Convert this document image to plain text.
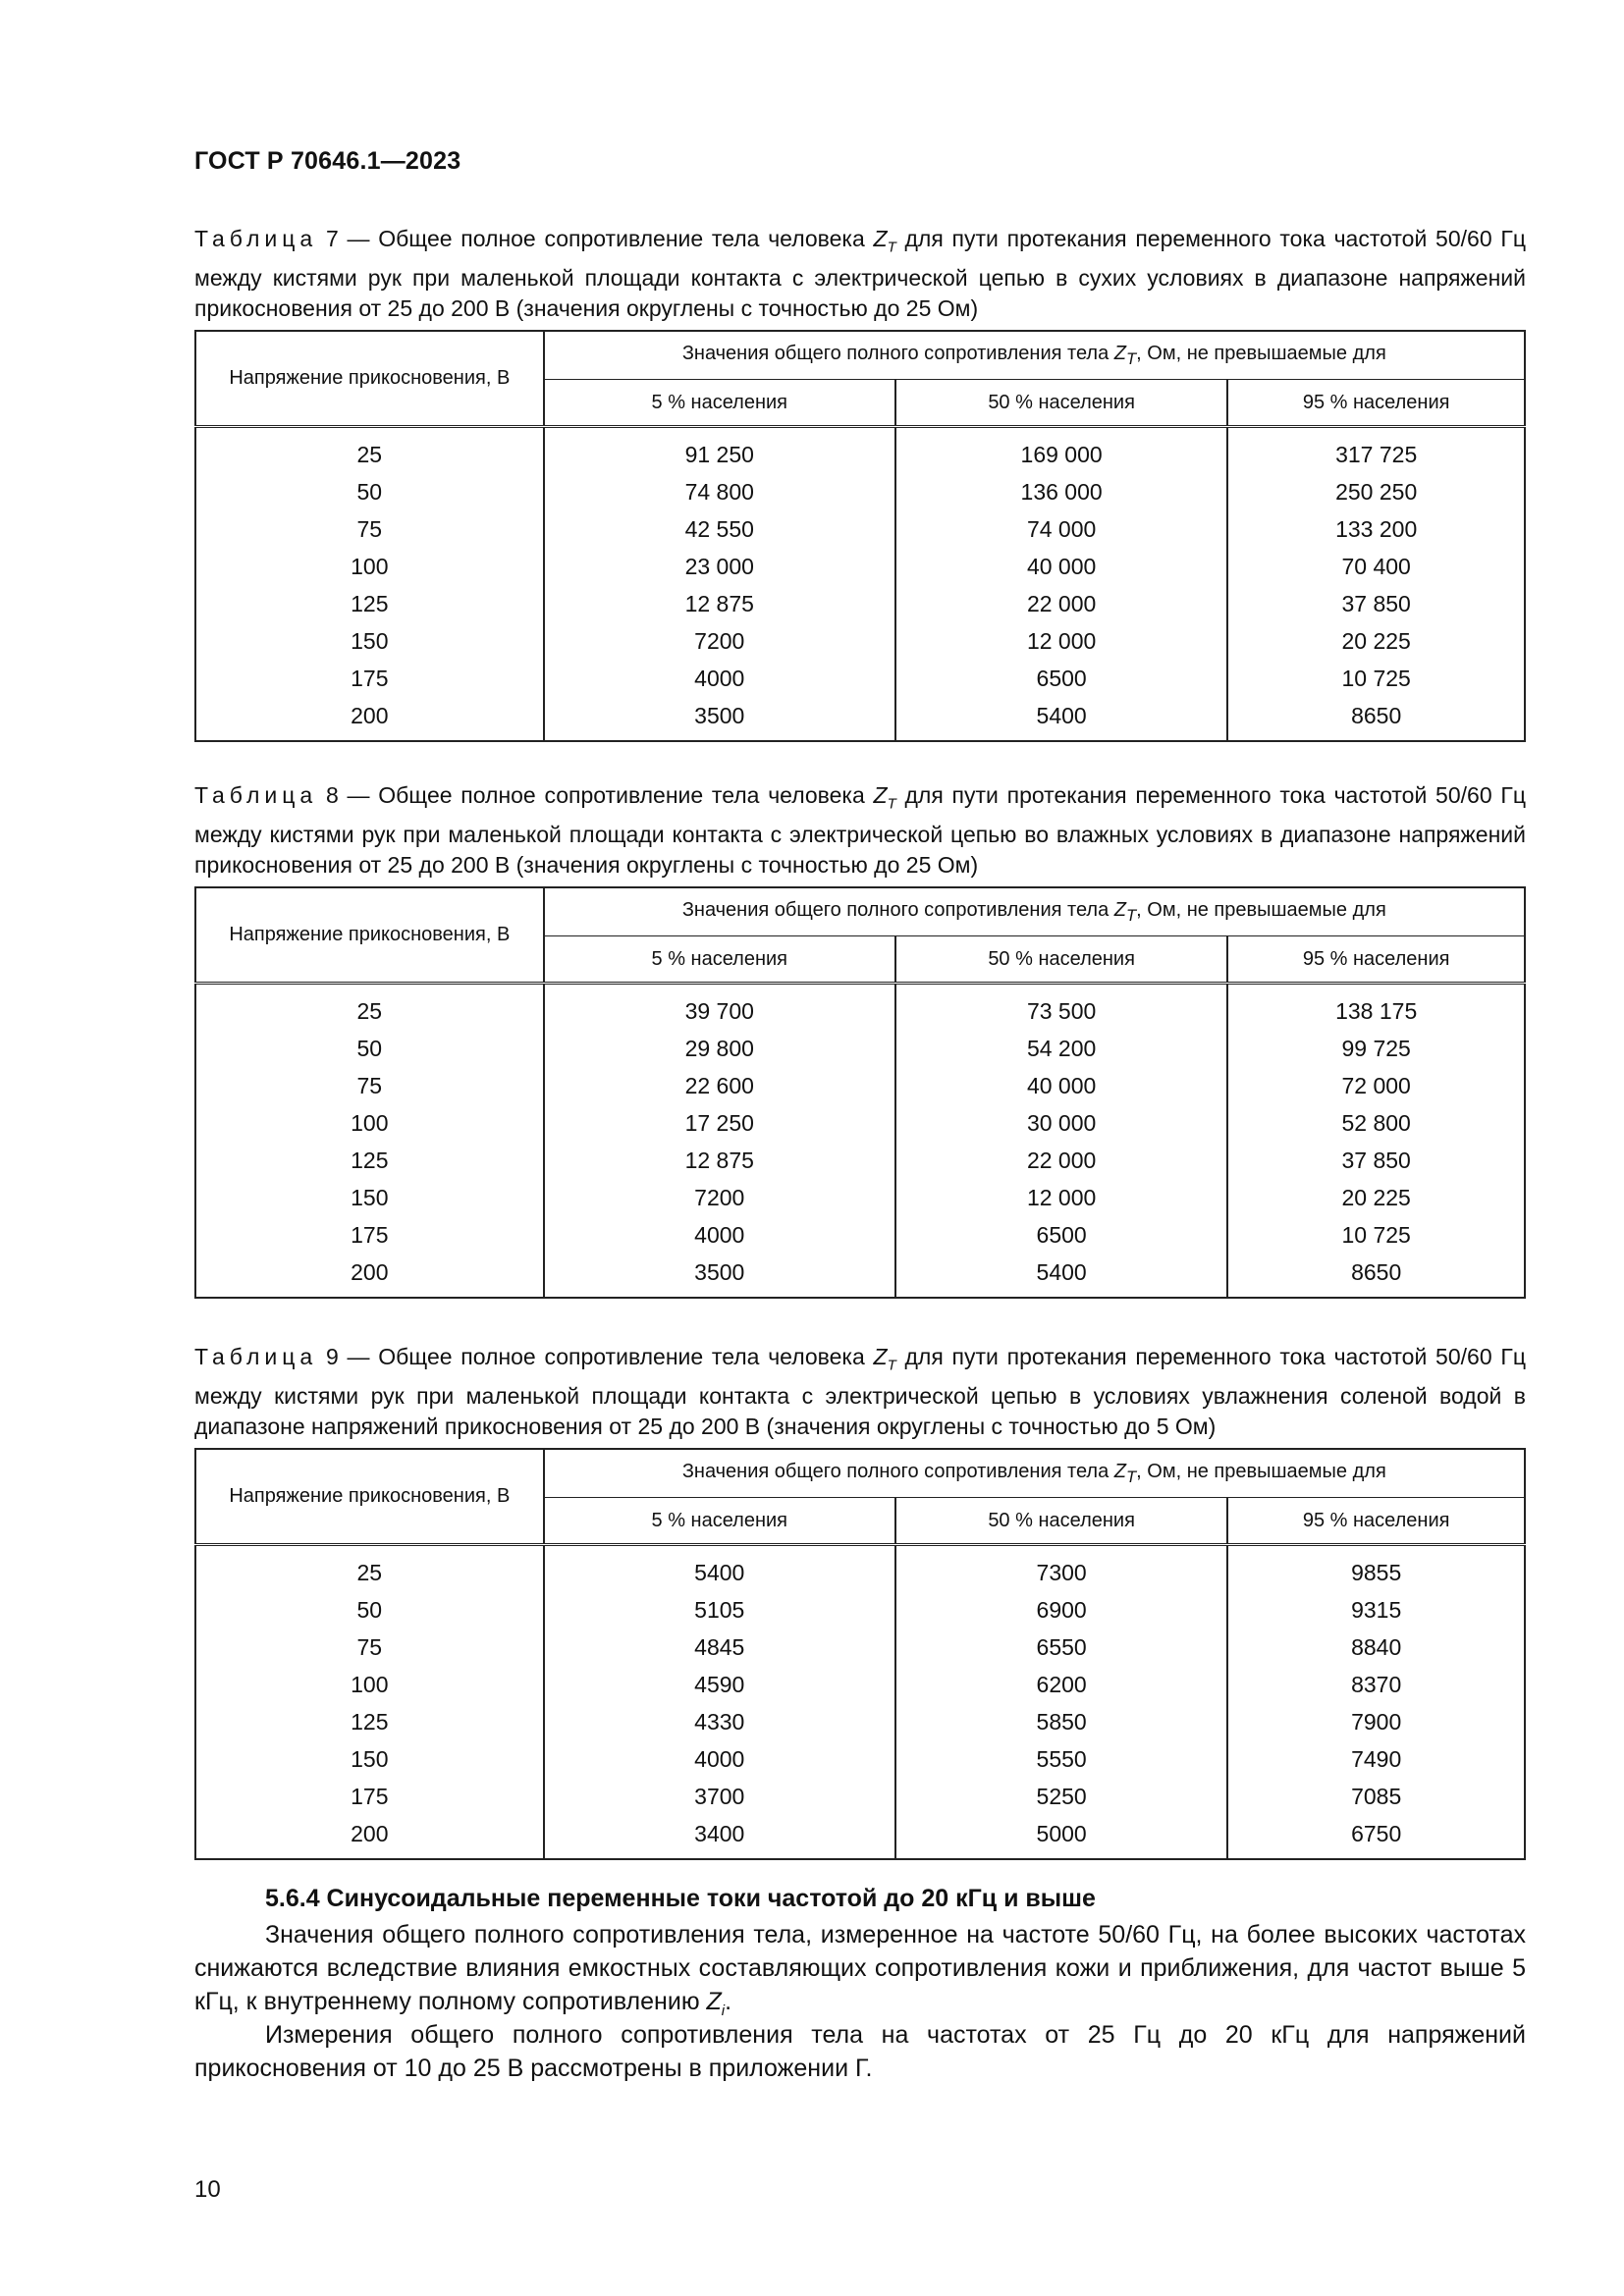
ГОСТ Р 70646.1—2023
Таблица 7 — Общее полное сопротивление тела человека $Z_T$ для пути протекания переменного тока частотой 50/60 Гц между кистями рук при маленькой площади контакта с электрической цепью в сухих условиях в диапазоне напряжений прикосновения от 25 до 200 В (значения округлены с точностью до 25 Ом)
Напряжение прикосновения, В	Значения общего полного сопротивления тела $Z_T$, Ом, не превышаемые для		
	5 % населения	50 % населения	95 % населения
25	91 250	169 000	317 725
50	74 800	136 000	250 250
75	42 550	74 000	133 200
100	23 000	40 000	70 400
125	12 875	22 000	37 850
150	7200	12 000	20 225
175	4000	6500	10 725
200	3500	5400	8650
Таблица 8 — Общее полное сопротивление тела человека $Z_T$ для пути протекания переменного тока частотой 50/60 Гц между кистями рук при маленькой площади контакта с электрической цепью во влажных условиях в диапазоне напряжений прикосновения от 25 до 200 В (значения округлены с точностью до 25 Ом)
Напряжение прикосновения, В	Значения общего полного сопротивления тела $Z_T$, Ом, не превышаемые для		
	5 % населения	50 % населения	95 % населения
25	39 700	73 500	138 175
50	29 800	54 200	99 725
75	22 600	40 000	72 000
100	17 250	30 000	52 800
125	12 875	22 000	37 850
150	7200	12 000	20 225
175	4000	6500	10 725
200	3500	5400	8650
Таблица 9 — Общее полное сопротивление тела человека $Z_T$ для пути протекания переменного тока частотой 50/60 Гц между кистями рук при маленькой площади контакта с электрической цепью в условиях увлажнения соленой водой в диапазоне напряжений прикосновения от 25 до 200 В (значения округлены с точностью до 5 Ом)
Напряжение прикосновения, В	Значения общего полного сопротивления тела $Z_T$, Ом, не превышаемые для		
	5 % населения	50 % населения	95 % населения
25	5400	7300	9855
50	5105	6900	9315
75	4845	6550	8840
100	4590	6200	8370
125	4330	5850	7900
150	4000	5550	7490
175	3700	5250	7085
200	3400	5000	6750
5.6.4 Синусоидальные переменные токи частотой до 20 кГц и выше
Значения общего полного сопротивления тела, измеренное на частоте 50/60 Гц, на более высоких частотах снижаются вследствие влияния емкостных составляющих сопротивления кожи и приближения, для частот выше 5 кГц, к внутреннему полному сопротивлению $Z_i$.
Измерения общего полного сопротивления тела на частотах от 25 Гц до 20 кГц для напряжений прикосновения от 10 до 25 В рассмотрены в приложении Г.
10
